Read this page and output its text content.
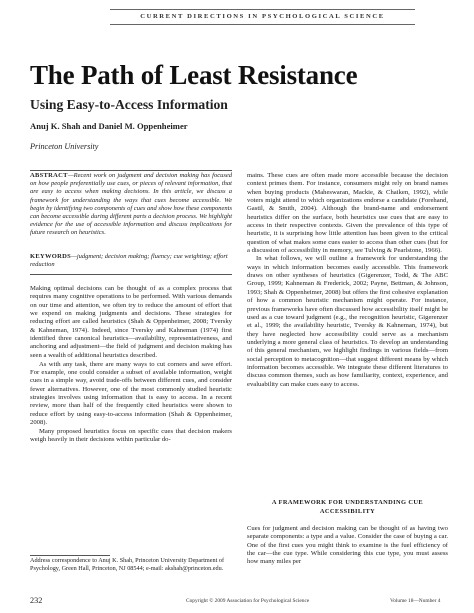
CURRENT DIRECTIONS IN PSYCHOLOGICAL SCIENCE
The Path of Least Resistance
Using Easy-to-Access Information
Anuj K. Shah and Daniel M. Oppenheimer
Princeton University

ABSTRACT—Recent work on judgment and decision making has focused on how people preferentially use cues, or pieces of relevant information, that are easy to access when making decisions. In this article, we discuss a framework for understanding the ways that cues become accessible. We begin by identifying two components of cues and show how these components can become accessible during different parts a decision process. We highlight evidence for the use of accessible information and discuss implications for future research on heuristics.

KEYWORDS—judgment; decision making; fluency; cue weighting; effort reduction

Making optimal decisions can be thought of as a complex process that requires many cognitive operations to be performed. With various demands on our time and attention, we often try to reduce the amount of effort that we expend on making judgments and decisions. These strategies for reducing effort are called heuristics (Shah & Oppenheimer, 2008; Tversky & Kahneman, 1974). Indeed, since Tversky and Kahneman (1974) first identified three canonical heuristics—availability, representativeness, and anchoring and adjustment—the field of judgment and decision making has seen a wealth of additional heuristics described.

As with any task, there are many ways to cut corners and save effort. For example, one could consider a subset of available information, weight cues in a simple way, avoid trade-offs between different cues, and consider fewer alternatives. However, one of the most commonly studied heuristic strategies involves using information that is easy to access. In a recent review, more than half of the frequently cited heuristics were shown to reduce effort by using easy-to-access information (Shah & Oppenheimer, 2008).

Many proposed heuristics focus on specific cues that decision makers weigh heavily in their decisions within particular do-

Address correspondence to Anuj K. Shah, Princeton University Department of Psychology, Green Hall, Princeton, NJ 08544; e-mail: akshah@princeton.edu.

mains. These cues are often made more accessible because the decision context primes them. For instance, consumers might rely on brand names when buying products (Maheswaran, Mackie, & Chaiken, 1992), while voters might attend to which organizations endorse a candidate (Forehand, Gastil, & Smith, 2004). Although the brand-name and endorsement heuristics differ on the surface, both heuristics use cues that are easy to access in their respective contexts. Given the prevalence of this type of heuristic, it is surprising how little attention has been given to the critical question of what makes some cues easier to access than other cues (but for a discussion of accessibility in memory, see Tulving & Pearlstone, 1966).

In what follows, we will outline a framework for understanding the ways in which information becomes easily accessible. This framework draws on other syntheses of heuristics (Gigerenzer, Todd, & The ABC Group, 1999; Kahneman & Frederick, 2002; Payne, Bettman, & Johnson, 1993; Shah & Oppenheimer, 2008) but offers the first cohesive explanation of how a common heuristic mechanism might operate. For instance, previous frameworks have often discussed how accessibility itself might be used as a cue toward judgment (e.g., the recognition heuristic, Gigerenzer et al., 1999; the availability heuristic, Tversky & Kahneman, 1974), but they have neglected how accessibility could serve as a mechanism underlying a more general class of heuristics. To develop an understanding of this general mechanism, we highlight findings in various fields—from social perception to metacognition—that suggest different means by which information becomes accessible. We integrate these different literatures to discuss common themes, such as how familiarity, context, experience, and evaluability can make cues easy to access.

A FRAMEWORK FOR UNDERSTANDING CUE ACCESSIBILITY

Cues for judgment and decision making can be thought of as having two separate components: a type and a value. Consider the case of buying a car. One of the first cues you might think to examine is the fuel efficiency of the car—the cue type. While considering this cue type, you must assess how many miles per

232	Copyright © 2009 Association for Psychological Science	Volume 18—Number 4
